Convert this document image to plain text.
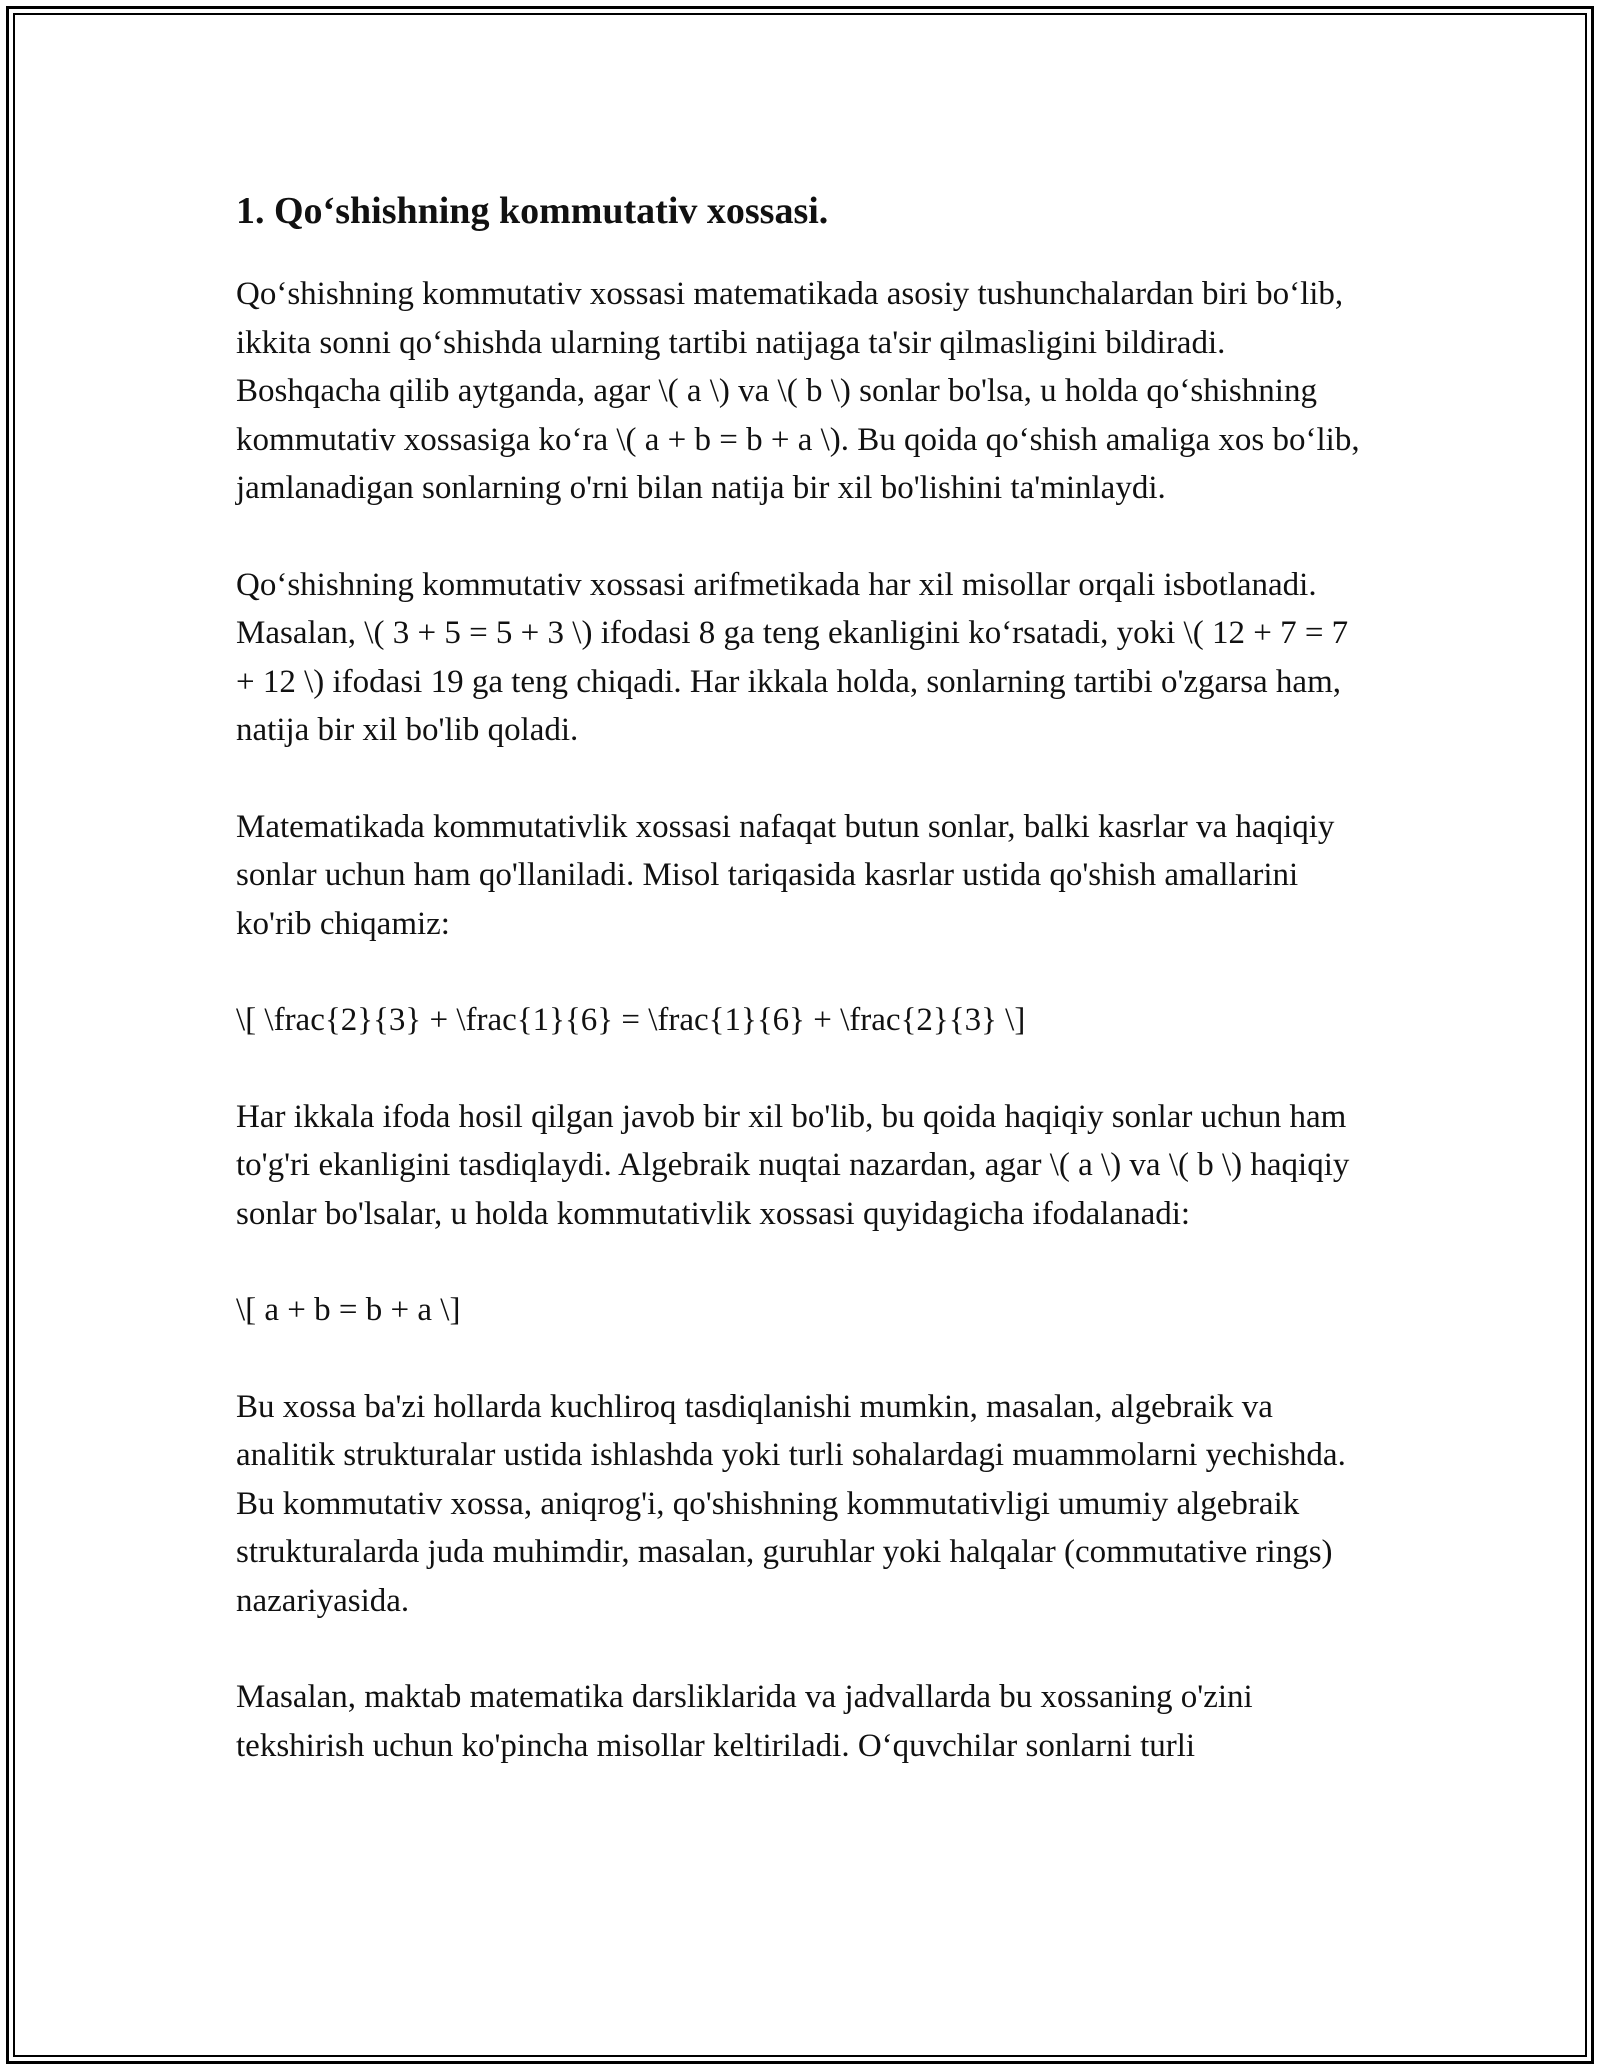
1. Qo‘shishning kommutativ xossasi.

Qo‘shishning kommutativ xossasi matematikada asosiy tushunchalardan biri bo‘lib, ikkita sonni qo‘shishda ularning tartibi natijaga ta'sir qilmasligini bildiradi. Boshqacha qilib aytganda, agar \( a \) va \( b \) sonlar bo'lsa, u holda qo‘shishning kommutativ xossasiga ko‘ra \( a + b = b + a \). Bu qoida qo‘shish amaliga xos bo‘lib, jamlanadigan sonlarning o'rni bilan natija bir xil bo'lishini ta'minlaydi.

Qo‘shishning kommutativ xossasi arifmetikada har xil misollar orqali isbotlanadi. Masalan, \( 3 + 5 = 5 + 3 \) ifodasi 8 ga teng ekanligini ko‘rsatadi, yoki \( 12 + 7 = 7 + 12 \) ifodasi 19 ga teng chiqadi. Har ikkala holda, sonlarning tartibi o'zgarsa ham, natija bir xil bo'lib qoladi.

Matematikada kommutativlik xossasi nafaqat butun sonlar, balki kasrlar va haqiqiy sonlar uchun ham qo'llaniladi. Misol tariqasida kasrlar ustida qo'shish amallarini ko'rib chiqamiz:

\[ \frac{2}{3} + \frac{1}{6} = \frac{1}{6} + \frac{2}{3} \]

Har ikkala ifoda hosil qilgan javob bir xil bo'lib, bu qoida haqiqiy sonlar uchun ham to'g'ri ekanligini tasdiqlaydi. Algebraik nuqtai nazardan, agar \( a \) va \( b \) haqiqiy sonlar bo'lsalar, u holda kommutativlik xossasi quyidagicha ifodalanadi:

\[ a + b = b + a \]

Bu xossa ba'zi hollarda kuchliroq tasdiqlanishi mumkin, masalan, algebraik va analitik strukturalar ustida ishlashda yoki turli sohalardagi muammolarni yechishda. Bu kommutativ xossa, aniqrog'i, qo'shishning kommutativligi umumiy algebraik strukturalarda juda muhimdir, masalan, guruhlar yoki halqalar (commutative rings) nazariyasida.

Masalan, maktab matematika darsliklarida va jadvallarda bu xossaning o'zini tekshirish uchun ko'pincha misollar keltiriladi. O‘quvchilar sonlarni turli
